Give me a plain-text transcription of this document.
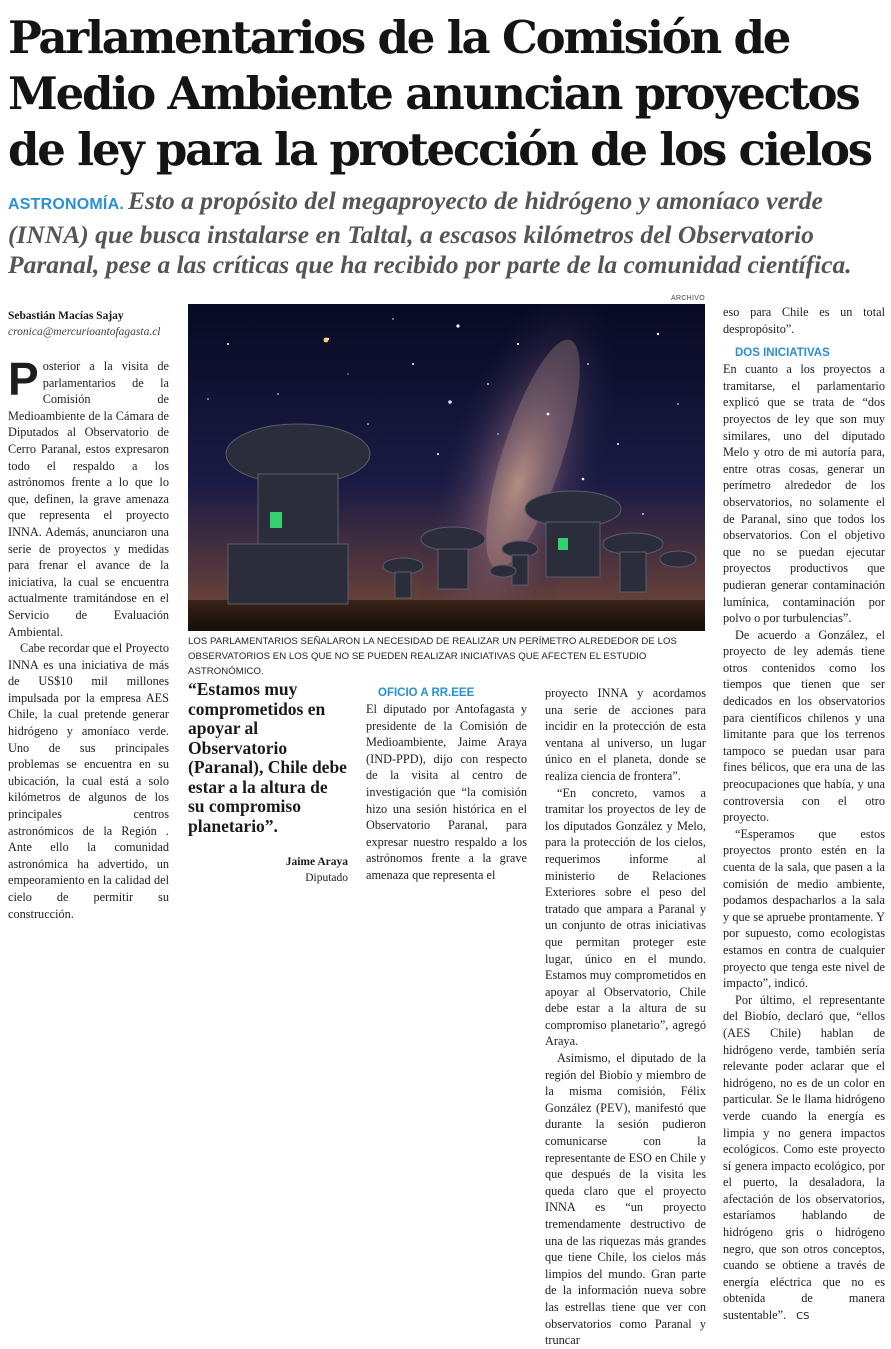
Parlamentarios de la Comisión de Medio Ambiente anuncian proyectos de ley para la protección de los cielos

ASTRONOMÍA. Esto a propósito del megaproyecto de hidrógeno y amoníaco verde (INNA) que busca instalarse en Taltal, a escasos kilómetros del Observatorio Paranal, pese a las críticas que ha recibido por parte de la comunidad científica.

Sebastián Macías Sajay
cronica@mercurioantofagasta.cl

Posterior a la visita de parlamentarios de la Comisión de Medioambiente de la Cámara de Diputados al Observatorio de Cerro Paranal, estos expresaron todo el respaldo a los astrónomos frente a lo que lo que, definen, la grave amenaza que representa el proyecto INNA. Además, anunciaron una serie de proyectos y medidas para frenar el avance de la iniciativa, la cual se encuentra actualmente tramitándose en el Servicio de Evaluación Ambiental.

Cabe recordar que el Proyecto INNA es una iniciativa de más de US$10 mil millones impulsada por la empresa AES Chile, la cual pretende generar hidrógeno y amoníaco verde. Uno de sus principales problemas se encuentra en su ubicación, la cual está a solo kilómetros de algunos de los principales centros astronómicos de la Región . Ante ello la comunidad astronómica ha advertido, un empeoramiento en la calidad del cielo de permitir su construcción.

ARCHIVO
LOS PARLAMENTARIOS SEÑALARON LA NECESIDAD DE REALIZAR UN PERÍMETRO ALREDEDOR DE LOS OBSERVATORIOS EN LOS QUE NO SE PUEDEN REALIZAR INICIATIVAS QUE AFECTEN EL ESTUDIO ASTRONÓMICO.

“Estamos muy comprometidos en apoyar al Observatorio (Paranal), Chile debe estar a la altura de su compromiso planetario”.

Jaime Araya
Diputado

OFICIO A RR.EEE

El diputado por Antofagasta y presidente de la Comisión de Medioambiente, Jaime Araya (IND-PPD), dijo con respecto de la visita al centro de investigación que “la comisión hizo una sesión histórica en el Observatorio Paranal, para expresar nuestro respaldo a los astrónomos frente a la grave amenaza que representa el

proyecto INNA y acordamos una serie de acciones para incidir en la protección de esta ventana al universo, un lugar único en el planeta, donde se realiza ciencia de frontera”.

“En concreto, vamos a tramitar los proyectos de ley de los diputados González y Melo, para la protección de los cielos, requerimos informe al ministerio de Relaciones Exteriores sobre el peso del tratado que ampara a Paranal y un conjunto de otras iniciativas que permitan proteger este lugar, único en el mundo. Estamos muy comprometidos en apoyar al Observatorio, Chile debe estar a la altura de su compromiso planetario”, agregó Araya.

Asimismo, el diputado de la región del Biobío y miembro de la misma comisión, Félix González (PEV), manifestó que durante la sesión pudieron comunicarse con la representante de ESO en Chile y que después de la visita les queda claro que el proyecto INNA es “un proyecto tremendamente destructivo de una de las riquezas más grandes que tiene Chile, los cielos más limpios del mundo. Gran parte de la información nueva sobre las estrellas tiene que ver con observatorios como Paranal y truncar

eso para Chile es un total despropósito”.

DOS INICIATIVAS

En cuanto a los proyectos a tramitarse, el parlamentario explicó que se trata de “dos proyectos de ley que son muy similares, uno del diputado Melo y otro de mi autoría para, entre otras cosas, generar un perímetro alrededor de los observatorios, no solamente el de Paranal, sino que todos los observatorios. Con el objetivo que no se puedan ejecutar proyectos productivos que pudieran generar contaminación lumínica, contaminación por polvo o por turbulencias”.

De acuerdo a González, el proyecto de ley además tiene otros contenidos como los tiempos que tienen que ser dedicados en los observatorios para científicos chilenos y una limitante para que los terrenos tampoco se puedan usar para fines bélicos, que era una de las preocupaciones que había, y una controversia con el otro proyecto.

“Esperamos que estos proyectos pronto estén en la cuenta de la sala, que pasen a la comisión de medio ambiente, podamos despacharlos a la sala y que se apruebe prontamente. Y por supuesto, como ecologistas estamos en contra de cualquier proyecto que tenga este nivel de impacto”, indicó.

Por último, el representante del Biobío, declaró que, “ellos (AES Chile) hablan de hidrógeno verde, también sería relevante poder aclarar que el hidrógeno, no es de un color en particular. Se le llama hidrógeno verde cuando la energía es limpia y no genera impactos ecológicos. Como este proyecto sí genera impacto ecológico, por el puerto, la desaladora, la afectación de los observatorios, estaríamos hablando de hidrógeno gris o hidrógeno negro, que son otros conceptos, cuando se obtiene a través de energía eléctrica que no es obtenida de manera sustentable”. CS
